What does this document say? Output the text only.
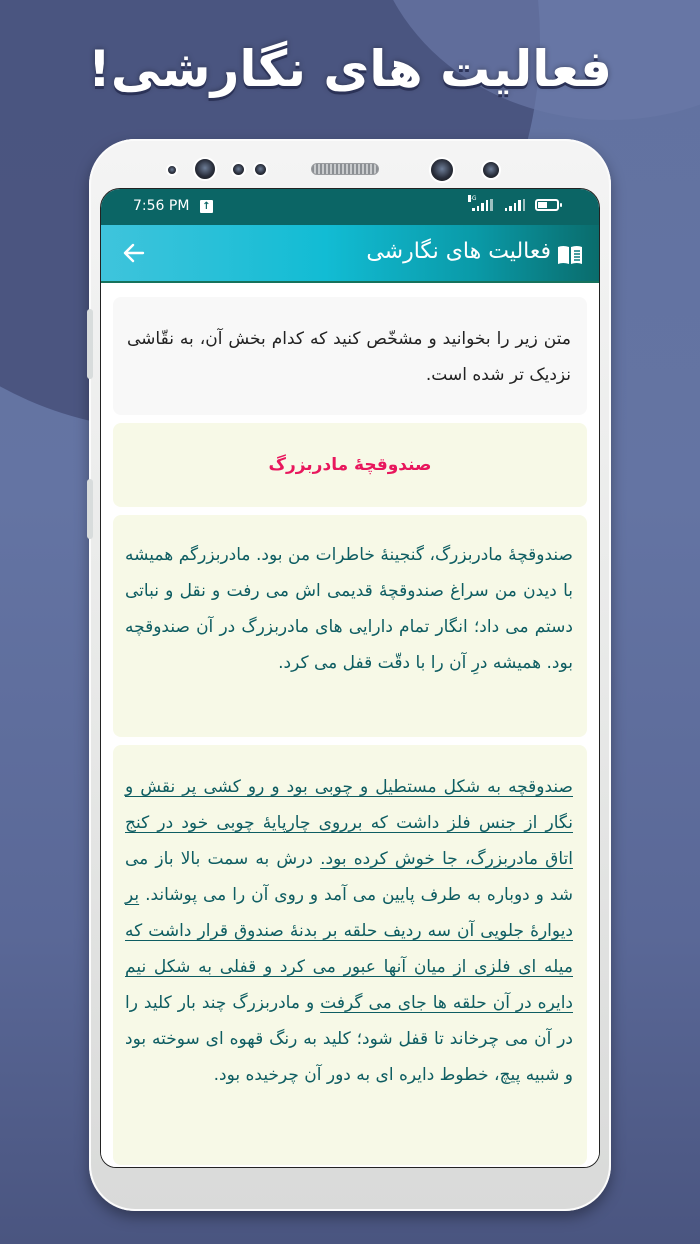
فعالیت های نگارشی!
7:56 PM ↑
4G
فعالیت های نگارشی
متن زیر را بخوانید و مشخّص کنید که کدام بخش آن، به نقّاشی نزدیک تر شده است.
صندوقچهٔ مادربزرگ
صندوقچهٔ مادربزرگ، گنجینهٔ خاطرات من بود. مادربزرگم همیشه با دیدن من سراغ صندوقچهٔ قدیمی اش می رفت و نقل و نباتی دستم می داد؛ انگار تمام دارایی های مادربزرگ در آن صندوقچه بود. همیشه درِ آن را با دقّت قفل می کرد.
صندوقچه به شکل مستطیل و چوبی بود و رو کشی پر نقش و نگار از جنس فلز داشت که برروی چارپایهٔ چوبی خود در کنج اتاق مادربزرگ، جا خوش کرده بود. درش به سمت بالا باز می شد و دوباره به طرف پایین می آمد و روی آن را می پوشاند. بر دیوارهٔ جلویی آن سه ردیف حلقه بر بدنهٔ صندوق قرار داشت که میله ای فلزی از میان آنها عبور می کرد و قفلی به شکل نیم دایره در آن حلقه ها جای می گرفت و مادربزرگ چند بار کلید را در آن می چرخاند تا قفل شود؛ کلید به رنگ قهوه ای سوخته بود و شبیه پیچ، خطوط دایره ای به دور آن چرخیده بود.
